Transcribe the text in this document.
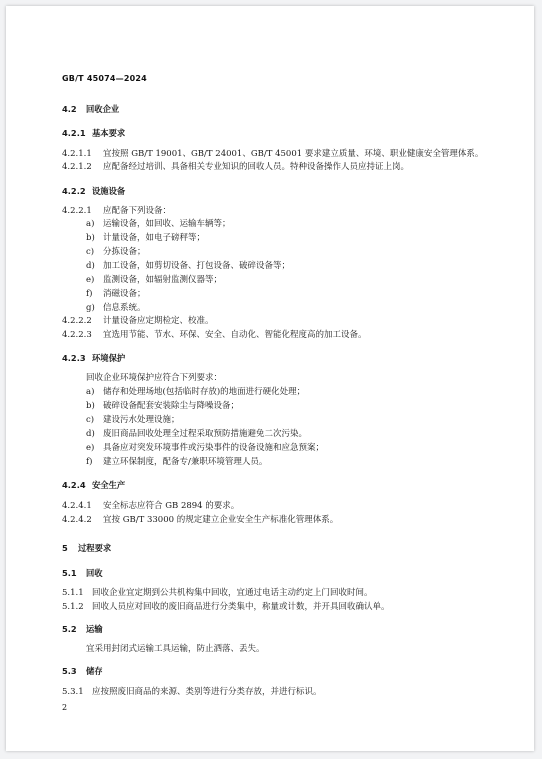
GB/T 45074—2024
4.2 回收企业
4.2.1 基本要求
4.2.1.1 宜按照 GB/T 19001、GB/T 24001、GB/T 45001 要求建立质量、环境、职业健康安全管理体系。
4.2.1.2 应配备经过培训、具备相关专业知识的回收人员。特种设备操作人员应持证上岗。
4.2.2 设施设备
4.2.2.1 应配备下列设备：
a) 运输设备，如回收、运输车辆等；
b) 计量设备，如电子磅秤等；
c) 分拣设备；
d) 加工设备，如剪切设备、打包设备、破碎设备等；
e) 监测设备，如辐射监测仪器等；
f) 消磁设备；
g) 信息系统。
4.2.2.2 计量设备应定期检定、校准。
4.2.2.3 宜选用节能、节水、环保、安全、自动化、智能化程度高的加工设备。
4.2.3 环境保护
回收企业环境保护应符合下列要求：
a) 储存和处理场地(包括临时存放)的地面进行硬化处理；
b) 破碎设备配套安装除尘与降噪设备；
c) 建设污水处理设施；
d) 废旧商品回收处理全过程采取预防措施避免二次污染。
e) 具备应对突发环境事件或污染事件的设备设施和应急预案；
f) 建立环保制度，配备专/兼职环境管理人员。
4.2.4 安全生产
4.2.4.1 安全标志应符合 GB 2894 的要求。
4.2.4.2 宜按 GB/T 33000 的规定建立企业安全生产标准化管理体系。
5 过程要求
5.1 回收
5.1.1 回收企业宜定期到公共机构集中回收，宜通过电话主动约定上门回收时间。
5.1.2 回收人员应对回收的废旧商品进行分类集中，称量或计数，并开具回收确认单。
5.2 运输
宜采用封闭式运输工具运输，防止洒落、丢失。
5.3 储存
5.3.1 应按照废旧商品的来源、类别等进行分类存放，并进行标识。
2
